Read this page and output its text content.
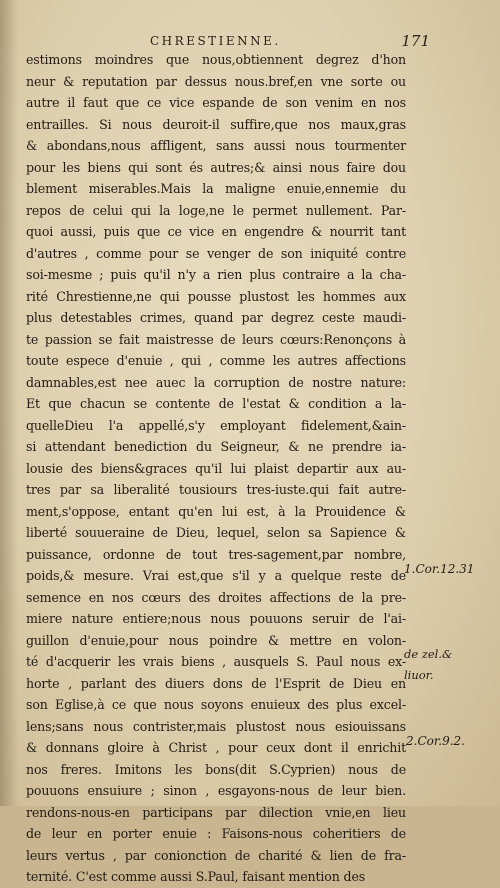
CHRESTIENNE.	171
estimons moindres que nous,obtiennent degrez d'hon
neur & reputation par dessus nous.bref,en vne sorte ou
autre il faut que ce vice espande de son venim en nos
entrailles. Si nous deuroit-il suffire,que nos maux,gras
& abondans,nous affligent, sans aussi nous tourmenter
pour les biens qui sont és autres;& ainsi nous faire dou
blement miserables.Mais la maligne enuie,ennemie du
repos de celui qui la loge,ne le permet nullement. Par-
quoi aussi, puis que ce vice en engendre & nourrit tant
d'autres , comme pour se venger de son iniquité contre
soi-mesme ; puis qu'il n'y a rien plus contraire a la cha-
rité Chrestienne,ne qui pousse plustost les hommes aux
plus detestables crimes, quand par degrez ceste maudi-
te passion se fait maistresse de leurs cœurs:Renonçons à
toute espece d'enuie , qui , comme les autres affections
damnables,est nee auec la corruption de nostre nature:
Et que chacun se contente de l'estat & condition a la-
quelleDieu l'a appellé,s'y employant fidelement,&ain-
si attendant benediction du Seigneur, & ne prendre ia-
lousie des biens&graces qu'il lui plaist departir aux au-
tres par sa liberalité tousiours tres-iuste.qui fait autre-
ment,s'oppose, entant qu'en lui est, à la Prouidence &
liberté souueraine de Dieu, lequel, selon sa Sapience &
puissance, ordonne de tout tres-sagement,par nombre,
poids,& mesure. Vrai est,que s'il y a quelque reste de
semence en nos cœurs des droites affections de la pre-
miere nature entiere;nous nous pouuons seruir de l'ai-
guillon d'enuie,pour nous poindre & mettre en volon-
té d'acquerir les vrais biens , ausquels S. Paul nous ex-
horte , parlant des diuers dons de l'Esprit de Dieu en
son Eglise,à ce que nous soyons enuieux des plus excel-
lens;sans nous contrister,mais plustost nous esiouissans
& donnans gloire à Christ , pour ceux dont il enrichit
nos freres. Imitons les bons(dit S.Cyprien) nous de
pouuons ensuiure ; sinon , esgayons-nous de leur bien.
rendons-nous-en participans par dilection vnie,en lieu
de leur en porter enuie : Faisons-nous coheritiers de
leurs vertus , par conionction de charité & lien de fra-
ternité. C'est comme aussi S.Paul, faisant mention des
1.Cor.12.31
de zel.&
liuor.
2.Cor.9.2.
